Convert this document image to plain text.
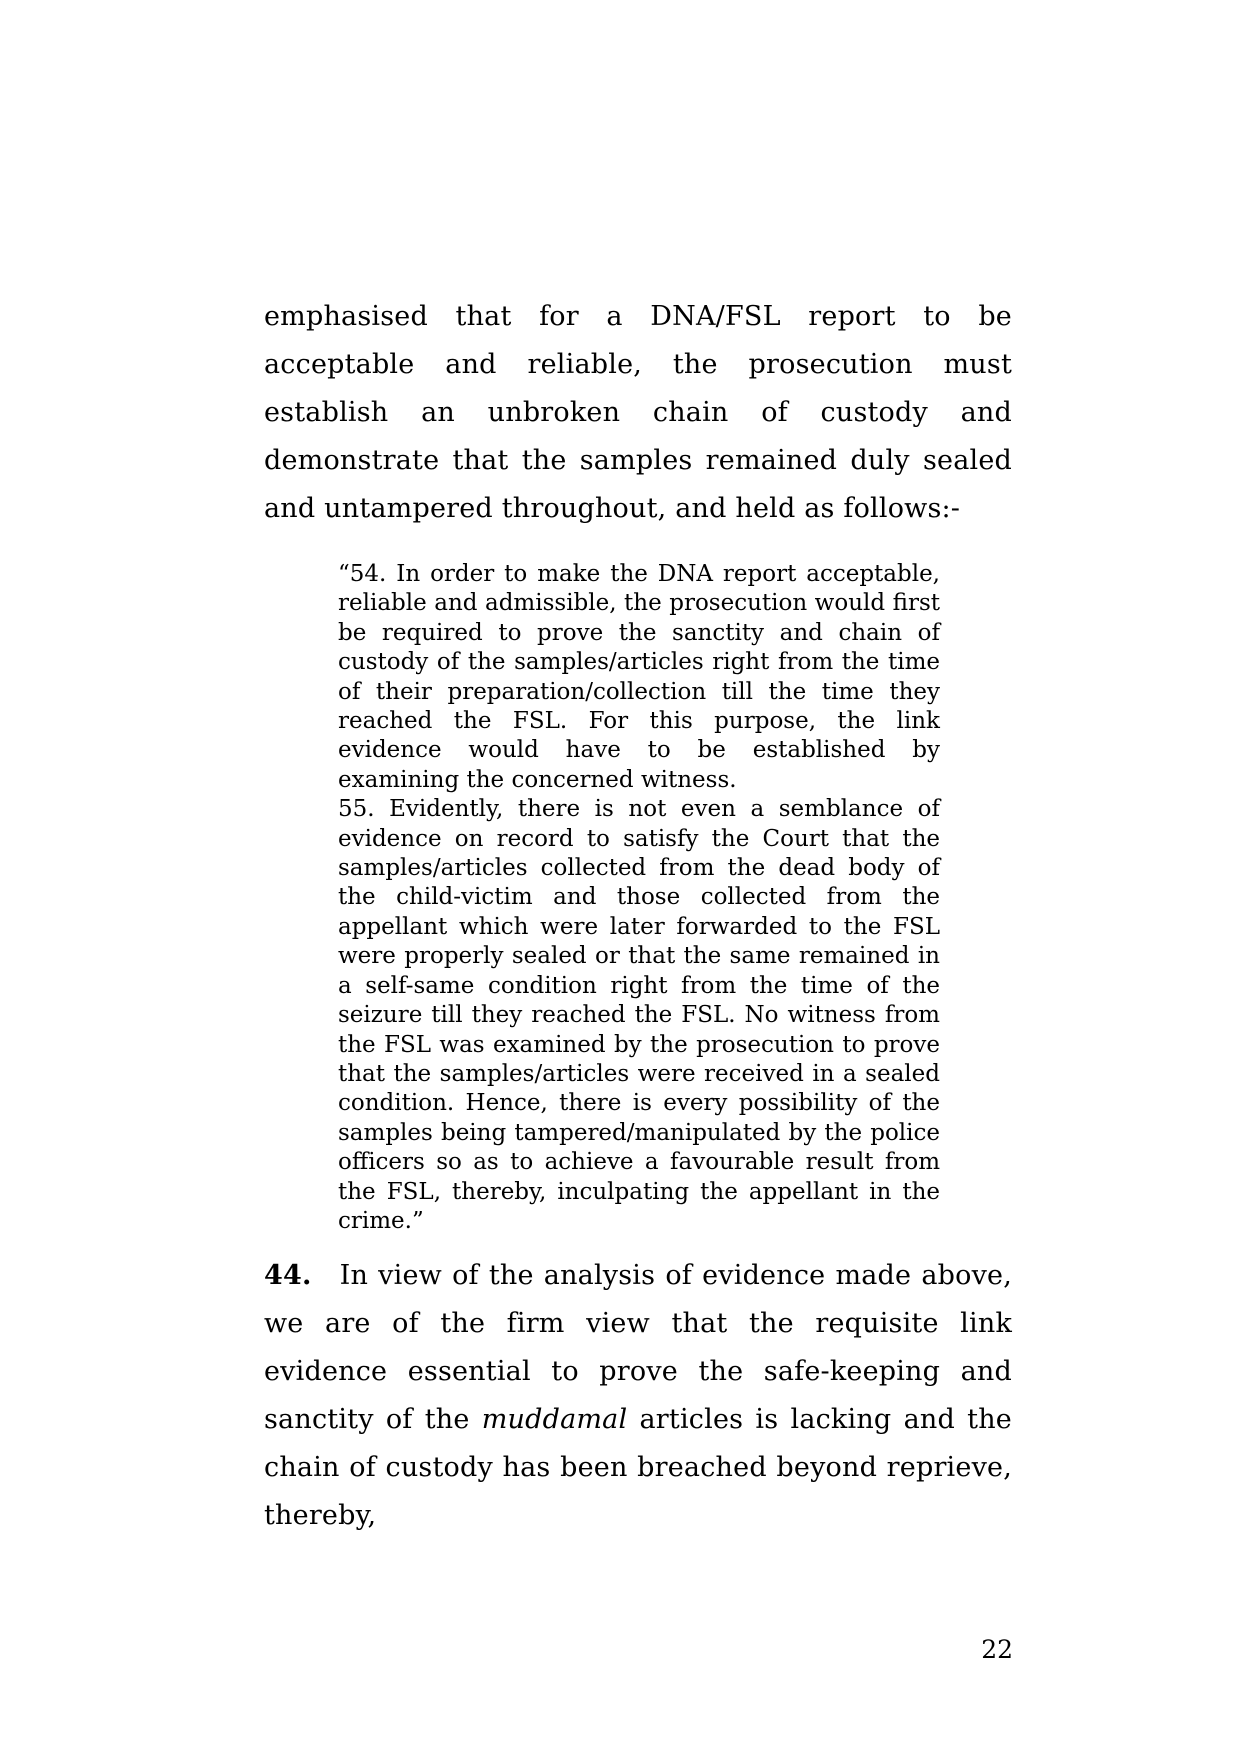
emphasised that for a DNA/FSL report to be acceptable and reliable, the prosecution must establish an unbroken chain of custody and demonstrate that the samples remained duly sealed and untampered throughout, and held as follows:-

“54. In order to make the DNA report acceptable, reliable and admissible, the prosecution would first be required to prove the sanctity and chain of custody of the samples/articles right from the time of their preparation/collection till the time they reached the FSL. For this purpose, the link evidence would have to be established by examining the concerned witness.

55. Evidently, there is not even a semblance of evidence on record to satisfy the Court that the samples/articles collected from the dead body of the child-victim and those collected from the appellant which were later forwarded to the FSL were properly sealed or that the same remained in a self-same condition right from the time of the seizure till they reached the FSL. No witness from the FSL was examined by the prosecution to prove that the samples/articles were received in a sealed condition. Hence, there is every possibility of the samples being tampered/manipulated by the police officers so as to achieve a favourable result from the FSL, thereby, inculpating the appellant in the crime.”

44. In view of the analysis of evidence made above, we are of the firm view that the requisite link evidence essential to prove the safe-keeping and sanctity of the muddamal articles is lacking and the chain of custody has been breached beyond reprieve, thereby,

22
